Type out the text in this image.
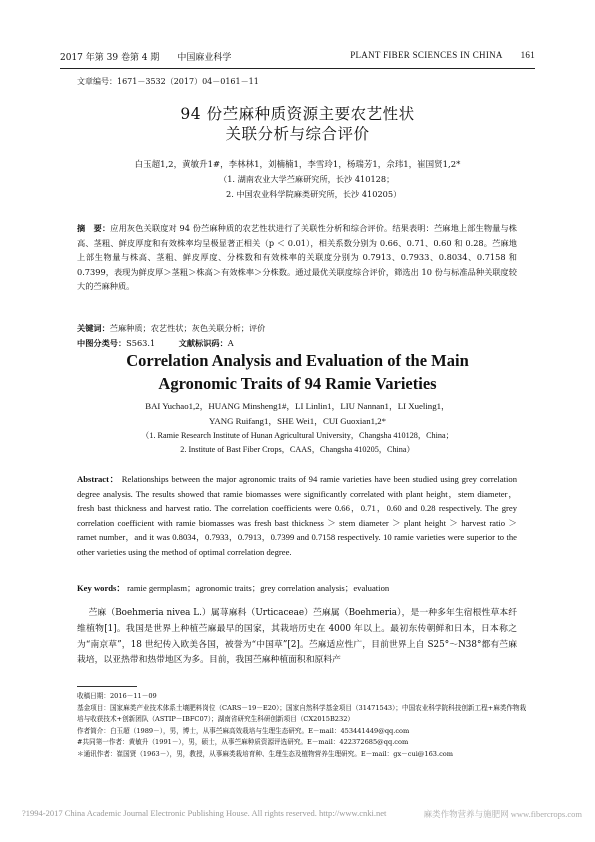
2017 年第 39 卷第 4 期　　中国麻业科学	PLANT FIBER SCIENCES IN CHINA 161
文章编号：1671－3532（2017）04－0161－11
94 份苎麻种质资源主要农艺性状
关联分析与综合评价
白玉超1,2，黄敏升1#，李林林1，刘楠楠1，李雪玲1，杨瑞芳1，佘玮1，崔国贤1,2*
（1. 湖南农业大学苎麻研究所，长沙 410128；
2. 中国农业科学院麻类研究所，长沙 410205）
摘　要：应用灰色关联度对 94 份苎麻种质的农艺性状进行了关联性分析和综合评价。结果表明：苎麻地上部生物量与株高、茎粗、鲜皮厚度和有效株率均呈极显著正相关（p ＜ 0.01），相关系数分别为 0.66、0.71、0.60 和 0.28。苎麻地上部生物量与株高、茎粗、鲜皮厚度、分株数和有效株率的关联度分别为 0.7913、0.7933、0.8034、0.7158 和 0.7399，表现为鲜皮厚＞茎粗＞株高＞有效株率＞分株数。通过最优关联度综合评价，筛选出 10 份与标准品种关联度较大的苎麻种质。
关键词：苎麻种质；农艺性状；灰色关联分析；评价
中图分类号：S563.1	文献标识码：A
Correlation Analysis and Evaluation of the Main
Agronomic Traits of 94 Ramie Varieties
BAI Yuchao1,2，HUANG Minsheng1#，LI Linlin1，LIU Nannan1，LI Xueling1，
YANG Ruifang1，SHE Wei1，CUI Guoxian1,2*
（1. Ramie Research Institute of Hunan Agricultural University，Changsha 410128，China；
2. Institute of Bast Fiber Crops，CAAS，Changsha 410205，China）
Abstract： Relationships between the major agronomic traits of 94 ramie varieties have been studied using grey correlation degree analysis. The results showed that ramie biomasses were significantly correlated with plant height，stem diameter，fresh bast thickness and harvest ratio. The correlation coefficients were 0.66，0.71，0.60 and 0.28 respectively. The grey correlation coefficient with ramie biomasses was fresh bast thickness ＞ stem diameter ＞ plant height ＞ harvest ratio ＞ ramet number，and it was 0.8034，0.7933，0.7913，0.7399 and 0.7158 respectively. 10 ramie varieties were superior to the other varieties using the method of optimal correlation degree.
Key words： ramie germplasm；agronomic traits；grey correlation analysis；evaluation
苎麻（Boehmeria nivea L.）属荨麻科（Urticaceae）苎麻属（Boehmeria），是一种多年生宿根性草本纤维植物[1]。我国是世界上种植苎麻最早的国家，其栽培历史在 4000 年以上。最初东传朝鲜和日本，日本称之为“南京草”，18 世纪传入欧美各国，被誉为“中国草”[2]。苎麻适应性广，目前世界上自 S25°～N38°都有苎麻栽培，以亚热带和热带地区为多。目前，我国苎麻种植面积和原料产
收稿日期：2016－11－09
基金项目：国家麻类产业技术体系土壤肥料岗位（CARS－19－E20）；国家自然科学基金项目（31471543）；中国农业科学院科技创新工程+麻类作物栽培与收获技术+创新团队（ASTIP－IBFC07）；湖南省研究生科研创新项目（CX2015B232）
作者简介：白玉超（1989－），男，博士，从事苎麻高效栽培与生理生态研究。E－mail：453441449@qq.com
#共同第一作者：黄敏升（1991－），男，硕士，从事苎麻种质资源评选研究。E－mail：422372685@qq.com
＊通讯作者：崔国贤（1963－），男，教授，从事麻类栽培育种、生理生态及植物营养生理研究。E－mail：gx－cui@163.com
?1994-2017 China Academic Journal Electronic Publishing House. All rights reserved. http://www.cnki.net	麻类作物营养与施肥网 www.fibercrops.com
